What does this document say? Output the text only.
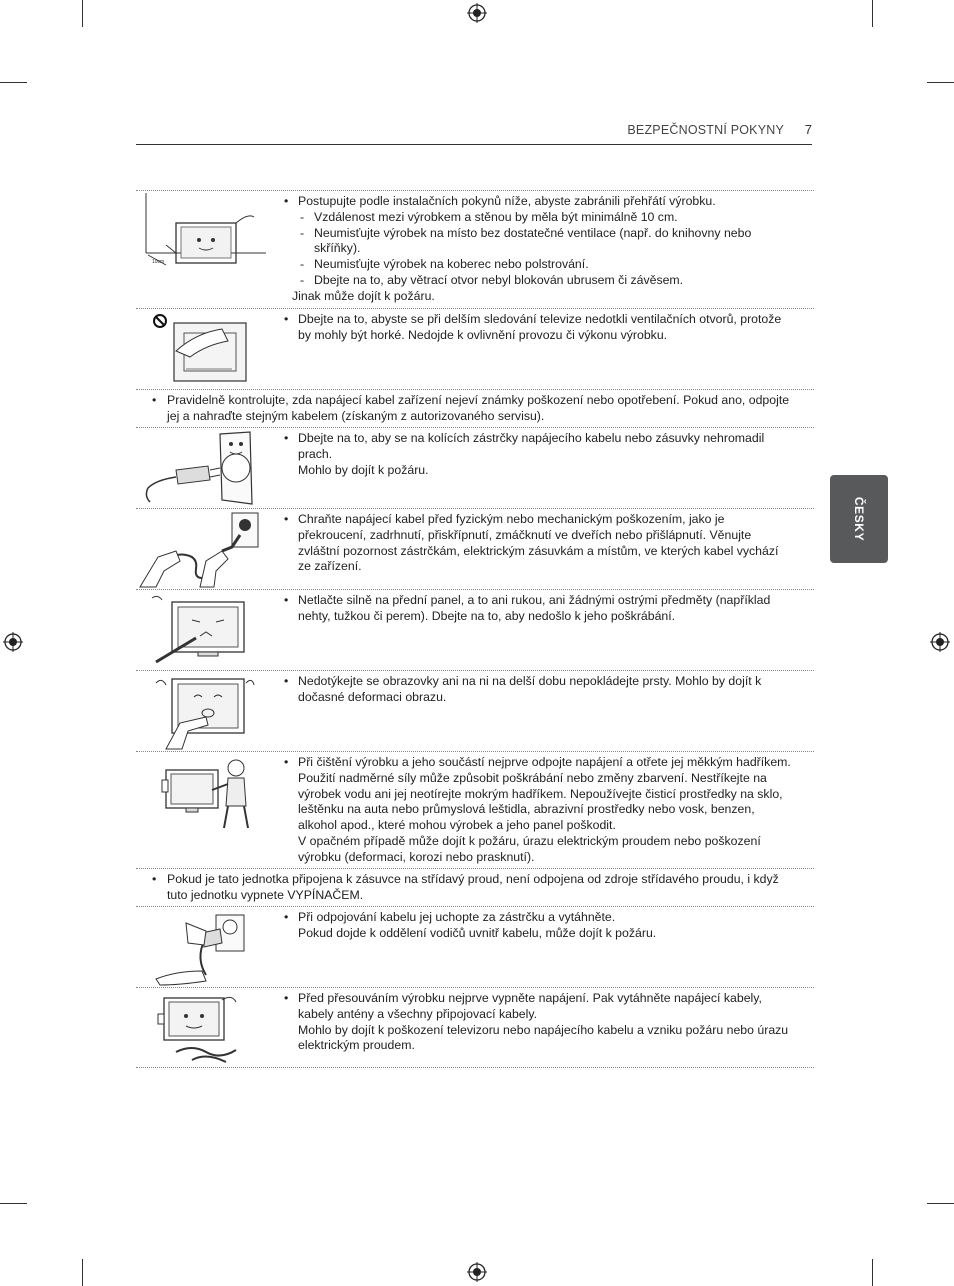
BEZPEČNOSTNÍ POKYNY 7
ČESKY
10cm
• Postupujte podle instalačních pokynů níže, abyste zabránili přehřátí výrobku.
- Vzdálenost mezi výrobkem a stěnou by měla být minimálně 10 cm.
- Neumisťujte výrobek na místo bez dostatečné ventilace (např. do knihovny nebo skříňky).
- Neumisťujte výrobek na koberec nebo polstrování.
- Dbejte na to, aby větrací otvor nebyl blokován ubrusem či závěsem.
Jinak může dojít k požáru.
• Dbejte na to, abyste se při delším sledování televize nedotkli ventilačních otvorů, protože by mohly být horké. Nedojde k ovlivnění provozu či výkonu výrobku.
• Pravidelně kontrolujte, zda napájecí kabel zařízení nejeví známky poškození nebo opotřebení. Pokud ano, odpojte jej a nahraďte stejným kabelem (získaným z autorizovaného servisu).
• Dbejte na to, aby se na kolících zástrčky napájecího kabelu nebo zásuvky nehromadil prach.
Mohlo by dojít k požáru.
• Chraňte napájecí kabel před fyzickým nebo mechanickým poškozením, jako je překroucení, zadrhnutí, přiskřípnutí, zmáčknutí ve dveřích nebo přišlápnutí. Věnujte zvláštní pozornost zástrčkám, elektrickým zásuvkám a místům, ve kterých kabel vychází ze zařízení.
• Netlačte silně na přední panel, a to ani rukou, ani žádnými ostrými předměty (například nehty, tužkou či perem). Dbejte na to, aby nedošlo k jeho poškrábání.
• Nedotýkejte se obrazovky ani na ni na delší dobu nepokládejte prsty. Mohlo by dojít k dočasné deformaci obrazu.
• Při čištění výrobku a jeho součástí nejprve odpojte napájení a otřete jej měkkým hadříkem. Použití nadměrné síly může způsobit poškrábání nebo změny zbarvení. Nestříkejte na výrobek vodu ani jej neotírejte mokrým hadříkem. Nepoužívejte čisticí prostředky na sklo, leštěnku na auta nebo průmyslová leštidla, abrazivní prostředky nebo vosk, benzen, alkohol apod., které mohou výrobek a jeho panel poškodit.
V opačném případě může dojít k požáru, úrazu elektrickým proudem nebo poškození výrobku (deformaci, korozi nebo prasknutí).
• Pokud je tato jednotka připojena k zásuvce na střídavý proud, není odpojena od zdroje střídavého proudu, i když tuto jednotku vypnete VYPÍNAČEM.
• Při odpojování kabelu jej uchopte za zástrčku a vytáhněte.
Pokud dojde k oddělení vodičů uvnitř kabelu, může dojít k požáru.
• Před přesouváním výrobku nejprve vypněte napájení. Pak vytáhněte napájecí kabely, kabely antény a všechny připojovací kabely.
Mohlo by dojít k poškození televizoru nebo napájecího kabelu a vzniku požáru nebo úrazu elektrickým proudem.
